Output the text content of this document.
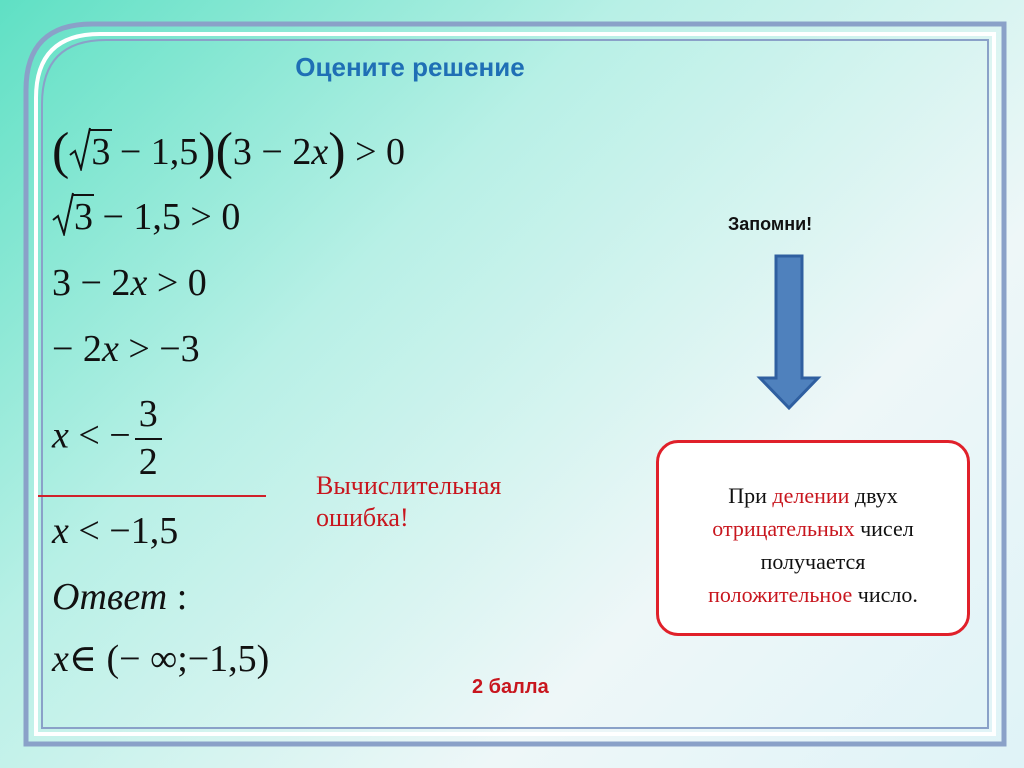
Оцените решение
( 3 − 1,5)(3 − 2x) > 0
3 − 1,5 > 0
3 − 2x > 0
− 2x > −3
x < − $\frac{3}{2}$
x < −1,5
Ответ :
x∈ (− ∞;−1,5)
Вычислительная
ошибка!
2 балла
Запомни!
При делении двух
отрицательных чисел
получается
положительное число.
